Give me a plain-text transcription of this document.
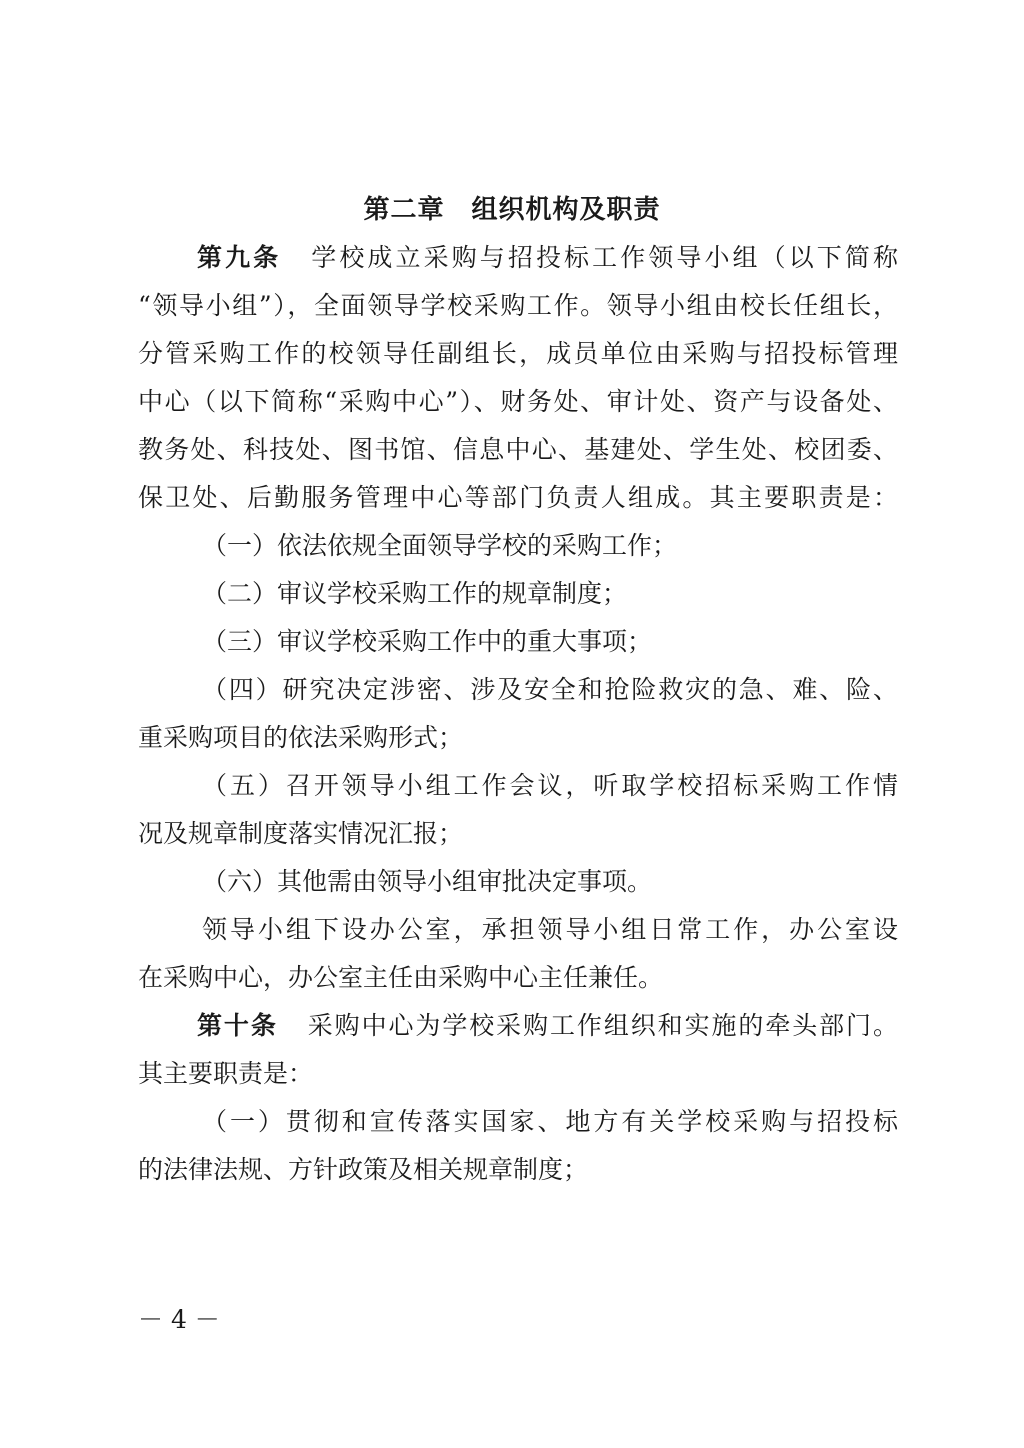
第二章　组织机构及职责
第九条 学校成立采购与招投标工作领导小组（以下简称
“领导小组”），全面领导学校采购工作。领导小组由校长任组长，
分管采购工作的校领导任副组长，成员单位由采购与招投标管理
中心（以下简称“采购中心”）、财务处、审计处、资产与设备处、
教务处、科技处、图书馆、信息中心、基建处、学生处、校团委、
保卫处、后勤服务管理中心等部门负责人组成。其主要职责是：
（一）依法依规全面领导学校的采购工作；
（二）审议学校采购工作的规章制度；
（三）审议学校采购工作中的重大事项；
（四）研究决定涉密、涉及安全和抢险救灾的急、难、险、
重采购项目的依法采购形式；
（五）召开领导小组工作会议，听取学校招标采购工作情
况及规章制度落实情况汇报；
（六）其他需由领导小组审批决定事项。
领导小组下设办公室，承担领导小组日常工作，办公室设
在采购中心，办公室主任由采购中心主任兼任。
第十条 采购中心为学校采购工作组织和实施的牵头部门。
其主要职责是：
（一）贯彻和宣传落实国家、地方有关学校采购与招投标
的法律法规、方针政策及相关规章制度；
－ 4 －
